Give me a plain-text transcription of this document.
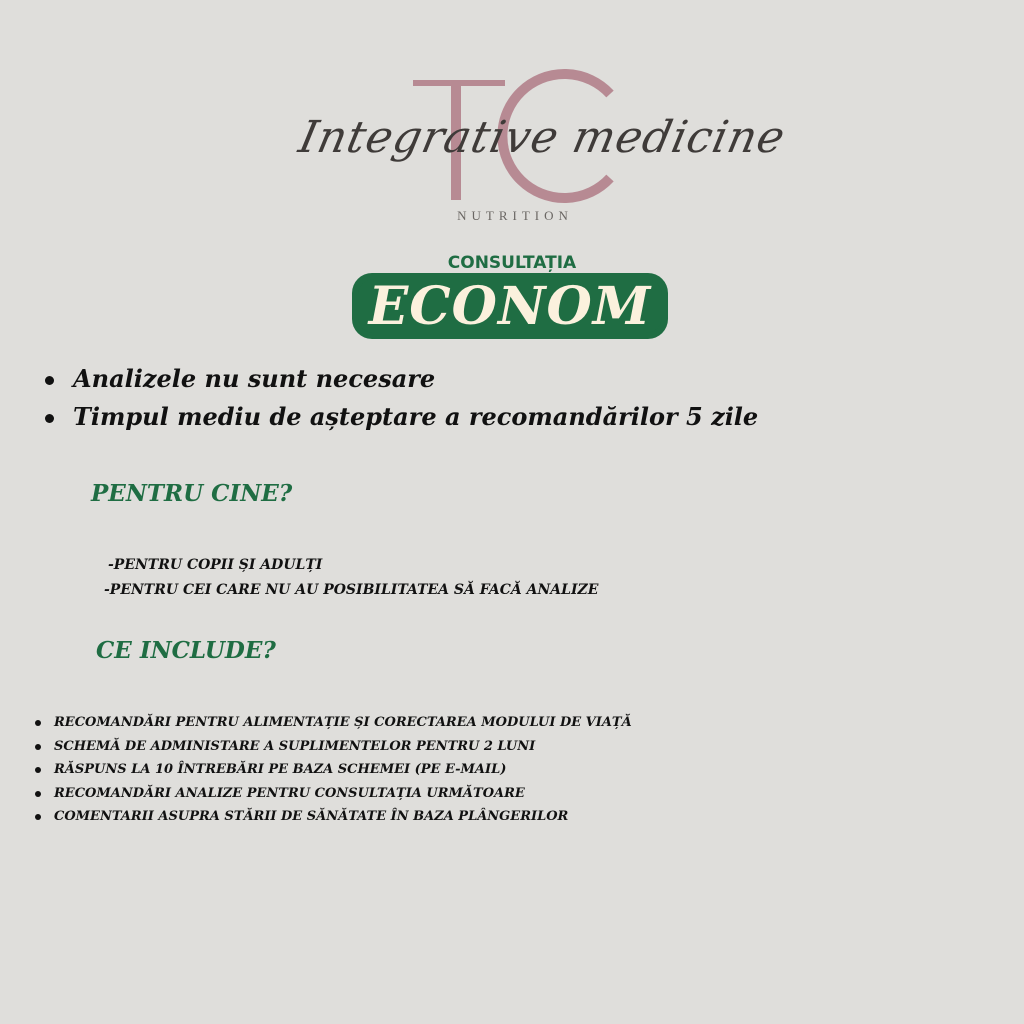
Integrative medicine
NUTRITION
CONSULTAȚIA
ECONOM
Analizele nu sunt necesare
Timpul mediu de așteptare a recomandărilor 5 zile
PENTRU CINE?
-PENTRU COPII ȘI ADULȚI
-PENTRU CEI CARE NU AU POSIBILITATEA SĂ FACĂ ANALIZE
CE INCLUDE?
RECOMANDĂRI PENTRU ALIMENTAȚIE ȘI CORECTAREA MODULUI DE VIAȚĂ
SCHEMĂ DE ADMINISTARE A SUPLIMENTELOR PENTRU 2 LUNI
RĂSPUNS LA 10 ÎNTREBĂRI PE BAZA SCHEMEI (PE E-MAIL)
RECOMANDĂRI ANALIZE PENTRU CONSULTAȚIA URMĂTOARE
COMENTARII ASUPRA STĂRII DE SĂNĂTATE ÎN BAZA PLÂNGERILOR
